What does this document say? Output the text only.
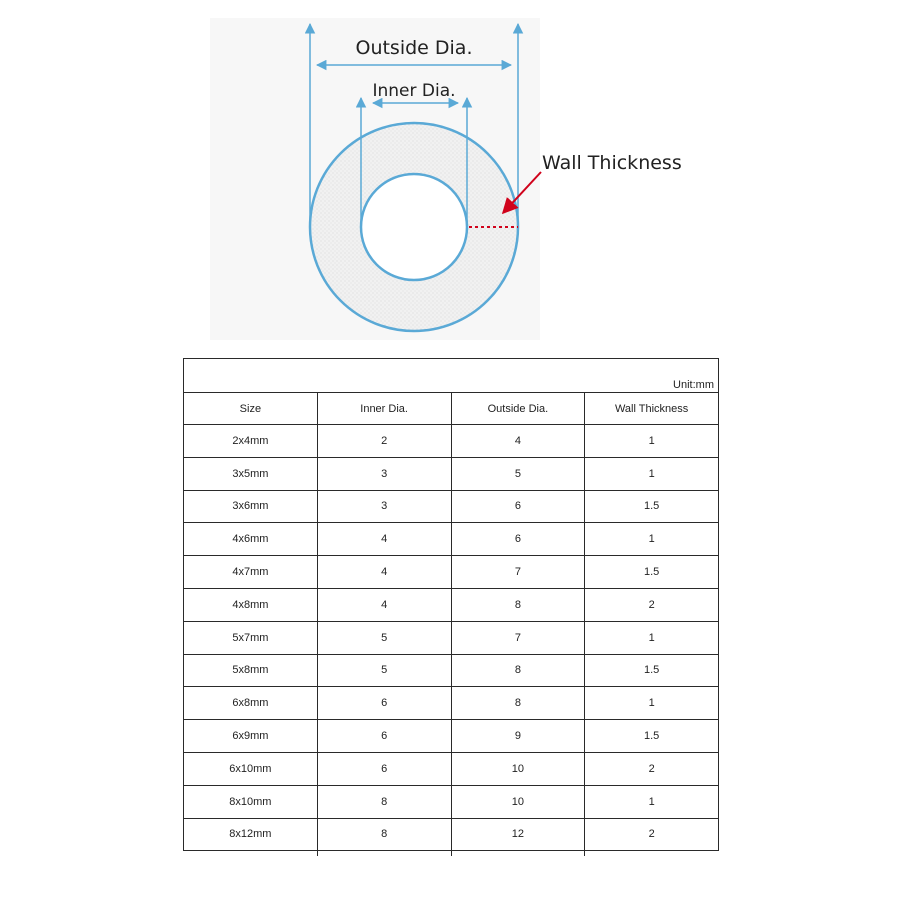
Outside Dia.
Inner Dia.
Wall Thickness
Unit:mm			
Size	Inner Dia.	Outside Dia.	Wall Thickness
2x4mm	2	4	1
3x5mm	3	5	1
3x6mm	3	6	1.5
4x6mm	4	6	1
4x7mm	4	7	1.5
4x8mm	4	8	2
5x7mm	5	7	1
5x8mm	5	8	1.5
6x8mm	6	8	1
6x9mm	6	9	1.5
6x10mm	6	10	2
8x10mm	8	10	1
8x12mm	8	12	2
